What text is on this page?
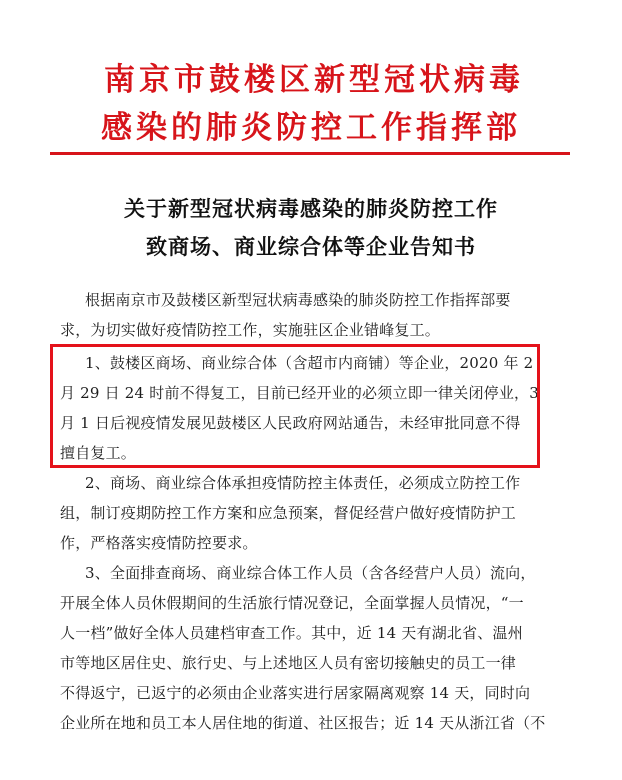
南京市鼓楼区新型冠状病毒
感染的肺炎防控工作指挥部
关于新型冠状病毒感染的肺炎防控工作
致商场、商业综合体等企业告知书
根据南京市及鼓楼区新型冠状病毒感染的肺炎防控工作指挥部要
求，为切实做好疫情防控工作，实施驻区企业错峰复工。
1、鼓楼区商场、商业综合体（含超市内商铺）等企业，2020 年 2
月 29 日 24 时前不得复工，目前已经开业的必须立即一律关闭停业，3
月 1 日后视疫情发展见鼓楼区人民政府网站通告，未经审批同意不得
擅自复工。
2、商场、商业综合体承担疫情防控主体责任，必须成立防控工作
组，制订疫期防控工作方案和应急预案，督促经营户做好疫情防护工
作，严格落实疫情防控要求。
3、全面排查商场、商业综合体工作人员（含各经营户人员）流向，
开展全体人员休假期间的生活旅行情况登记，全面掌握人员情况，“一
人一档”做好全体人员建档审查工作。其中，近 14 天有湖北省、温州
市等地区居住史、旅行史、与上述地区人员有密切接触史的员工一律
不得返宁，已返宁的必须由企业落实进行居家隔离观察 14 天，同时向
企业所在地和员工本人居住地的街道、社区报告；近 14 天从浙江省（不
